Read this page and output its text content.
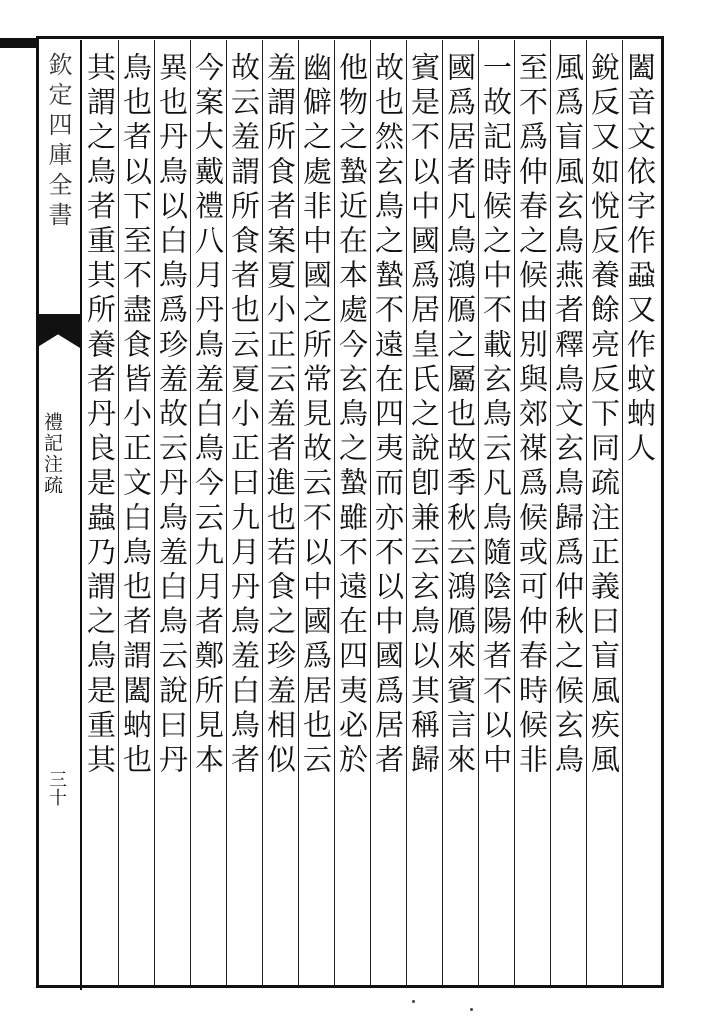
欽定四庫全書
禮記注疏
三十
闔音文依字作蝨又作蚊蚋人
銳反又如悅反養餘亮反下同疏注正義曰盲風疾風
風爲盲風玄鳥燕者釋鳥文玄鳥歸爲仲秋之候玄鳥
至不爲仲春之候由別與郊禖爲候或可仲春時候非
一故記時候之中不載玄鳥云凡鳥隨陰陽者不以中
國爲居者凡鳥鴻鴈之屬也故季秋云鴻鴈來賓言來
賓是不以中國爲居皇氏之說卽兼云玄鳥以其稱歸
故也然玄鳥之蟄不遠在四夷而亦不以中國爲居者
他物之蟄近在本處今玄鳥之蟄雖不遠在四夷必於
幽僻之處非中國之所常見故云不以中國爲居也云
羞謂所食者案夏小正云羞者進也若食之珍羞相似
故云羞謂所食者也云夏小正曰九月丹鳥羞白鳥者
今案大戴禮八月丹鳥羞白鳥今云九月者鄭所見本
異也丹鳥以白鳥爲珍羞故云丹鳥羞白鳥云說曰丹
鳥也者以下至不盡食皆小正文白鳥也者謂闔蚋也
其謂之鳥者重其所養者丹良是蟲乃謂之鳥是重其
